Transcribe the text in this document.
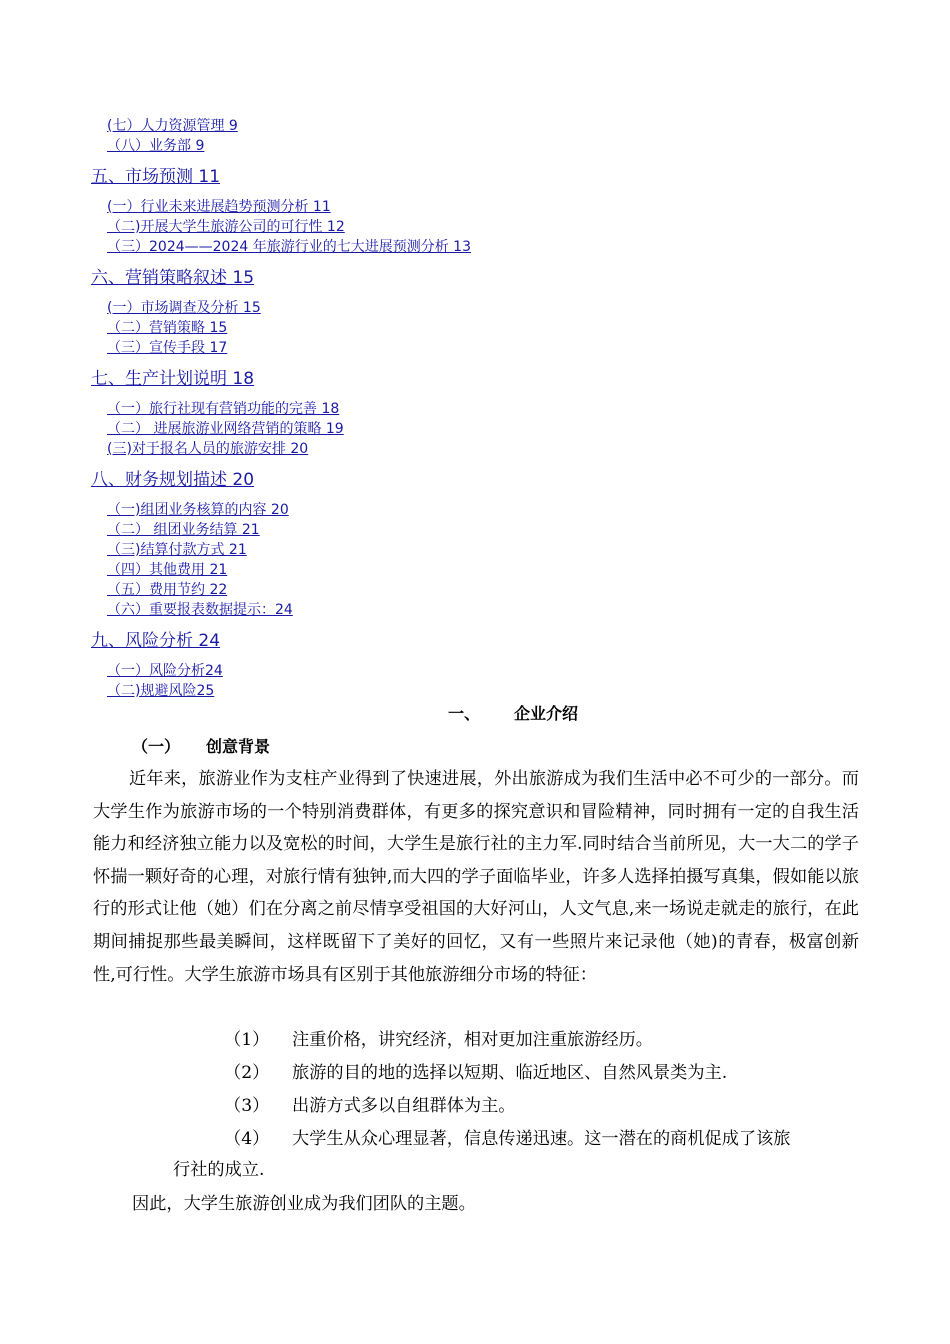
(七）人力资源管理 9
（八）业务部 9
五、市场预测 11
(一）行业未来进展趋势预测分析 11
（二)开展大学生旅游公司的可行性 12
（三）2024——2024 年旅游行业的七大进展预测分析 13
六、营销策略叙述 15
(一）市场调查及分析 15
（二）营销策略 15
（三）宣传手段 17
七、生产计划说明 18
（一）旅行社现有营销功能的完善 18
（二） 进展旅游业网络营销的策略 19
(三)对于报名人员的旅游安排 20
八、财务规划描述 20
（一)组团业务核算的内容 20
（二） 组团业务结算 21
（三)结算付款方式 21
（四）其他费用 21
（五）费用节约 22
（六）重要报表数据提示：24
九、风险分析 24
（一）风险分析24
（二)规避风险25
一、 企业介绍
（一） 创意背景

近年来，旅游业作为支柱产业得到了快速进展，外出旅游成为我们生活中必不可少的一部分。而大学生作为旅游市场的一个特别消费群体，有更多的探究意识和冒险精神，同时拥有一定的自我生活能力和经济独立能力以及宽松的时间，大学生是旅行社的主力军.同时结合当前所见，大一大二的学子怀揣一颗好奇的心理，对旅行情有独钟,而大四的学子面临毕业，许多人选择拍摄写真集，假如能以旅行的形式让他（她）们在分离之前尽情享受祖国的大好河山，人文气息,来一场说走就走的旅行，在此期间捕捉那些最美瞬间，这样既留下了美好的回忆，又有一些照片来记录他（她)的青春，极富创新性,可行性。大学生旅游市场具有区别于其他旅游细分市场的特征：

（1） 注重价格，讲究经济，相对更加注重旅游经历。
（2） 旅游的目的地的选择以短期、临近地区、自然风景类为主.
（3） 出游方式多以自组群体为主。
（4） 大学生从众心理显著，信息传递迅速。这一潜在的商机促成了该旅
行社的成立.
因此，大学生旅游创业成为我们团队的主题。
